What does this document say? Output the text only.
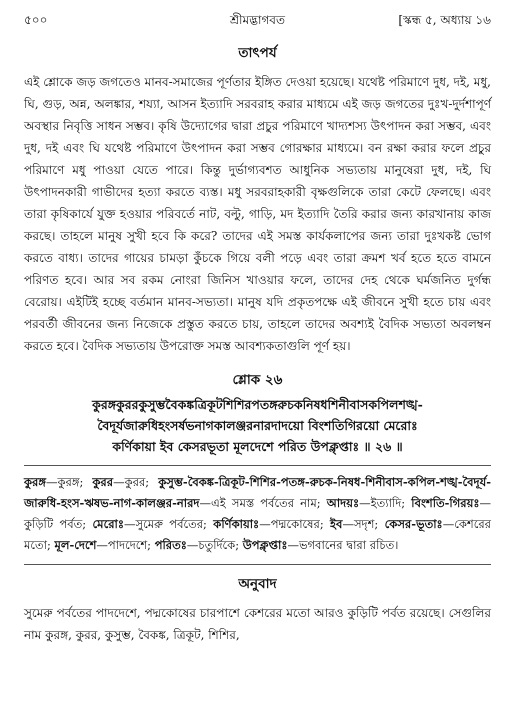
৫০০	শ্রীমদ্ভাগবত	[স্কন্ধ ৫, অধ্যায় ১৬
তাৎপর্য

এই শ্লোকে জড় জগতেও মানব-সমাজের পূর্ণতার ইঙ্গিত দেওয়া হয়েছে। যথেষ্ট পরিমাণে দুধ, দই, মধু, ঘি, গুড়, অন্ন, অলঙ্কার, শয্যা, আসন ইত্যাদি সরবরাহ করার মাধ্যমে এই জড় জগতের দুঃখ-দুর্দশাপূর্ণ অবস্থার নিবৃত্তি সাধন সম্ভব। কৃষি উদ্যোগের দ্বারা প্রচুর পরিমাণে খাদ্যশস্য উৎপাদন করা সম্ভব, এবং দুধ, দই এবং ঘি যথেষ্ট পরিমাণে উৎপাদন করা সম্ভব গোরক্ষার মাধ্যমে। বন রক্ষা করার ফলে প্রচুর পরিমাণে মধু পাওয়া যেতে পারে। কিন্তু দুর্ভাগ্যবশত আধুনিক সভ্যতায় মানুষেরা দুধ, দই, ঘি উৎপাদনকারী গাভীদের হত্যা করতে ব্যস্ত। মধু সরবরাহকারী বৃক্ষগুলিকে তারা কেটে ফেলছে। এবং তারা কৃষিকার্যে যুক্ত হওয়ার পরিবর্তে নাট, বল্টু, গাড়ি, মদ ইত্যাদি তৈরি করার জন্য কারখানায় কাজ করছে। তাহলে মানুষ সুখী হবে কি করে? তাদের এই সমস্ত কার্যকলাপের জন্য তারা দুঃখকষ্ট ভোগ করতে বাধ্য। তাদের গায়ের চামড়া কুঁচকে গিয়ে বলী পড়ে এবং তারা ক্রমশ খর্ব হতে হতে বামনে পরিণত হবে। আর সব রকম নোংরা জিনিস খাওয়ার ফলে, তাদের দেহ থেকে ঘর্মজনিত দুর্গন্ধ বেরোয়। এইটিই হচ্ছে বর্তমান মানব-সভ্যতা। মানুষ যদি প্রকৃতপক্ষে এই জীবনে সুখী হতে চায় এবং পরবর্তী জীবনের জন্য নিজেকে প্রস্তুত করতে চায়, তাহলে তাদের অবশ্যই বৈদিক সভ্যতা অবলম্বন করতে হবে। বৈদিক সভ্যতায় উপরোক্ত সমস্ত আবশ্যকতাগুলি পূর্ণ হয়।

শ্লোক ২৬

কুরঙ্গকুররকুসুম্ভবৈকঙ্কত্রিকূটশিশিরপতঙ্গরুচকনিষধশিনীবাসকপিলশঙ্খ-

বৈদূর্যজারুধিহংসর্ষভনাগকালঞ্জরনারদাদয়ো বিংশতিগিরয়ো মেরোঃ

কর্ণিকায়া ইব কেসরভূতা মূলদেশে পরিত উপক্লৃপ্তাঃ ॥ ২৬ ॥

কুরঙ্গ—কুরঙ্গ; কুরর—কুরর; কুসুম্ভ-বৈকঙ্ক-ত্রিকূট-শিশির-পতঙ্গ-রুচক-নিষধ-শিনীবাস-কপিল-শঙ্খ-বৈদূর্য-জারুধি-হংস-ঋষভ-নাগ-কালঞ্জর-নারদ—এই সমস্ত পর্বতের নাম; আদয়ঃ—ইত্যাদি; বিংশতি-গিরয়ঃ—কুড়িটি পর্বত; মেরোঃ—সুমেরু পর্বতের; কর্ণিকায়াঃ—পদ্মকোষের; ইব—সদৃশ; কেসর-ভূতাঃ—কেশরের মতো; মূল-দেশে—পাদদেশে; পরিতঃ—চতুর্দিকে; উপক্লৃপ্তাঃ—ভগবানের দ্বারা রচিত।

অনুবাদ

সুমেরু পর্বতের পাদদেশে, পদ্মকোষের চারপাশে কেশরের মতো আরও কুড়িটি পর্বত রয়েছে। সেগুলির নাম কুরঙ্গ, কুরর, কুসুম্ভ, বৈকঙ্ক, ত্রিকূট, শিশির,
